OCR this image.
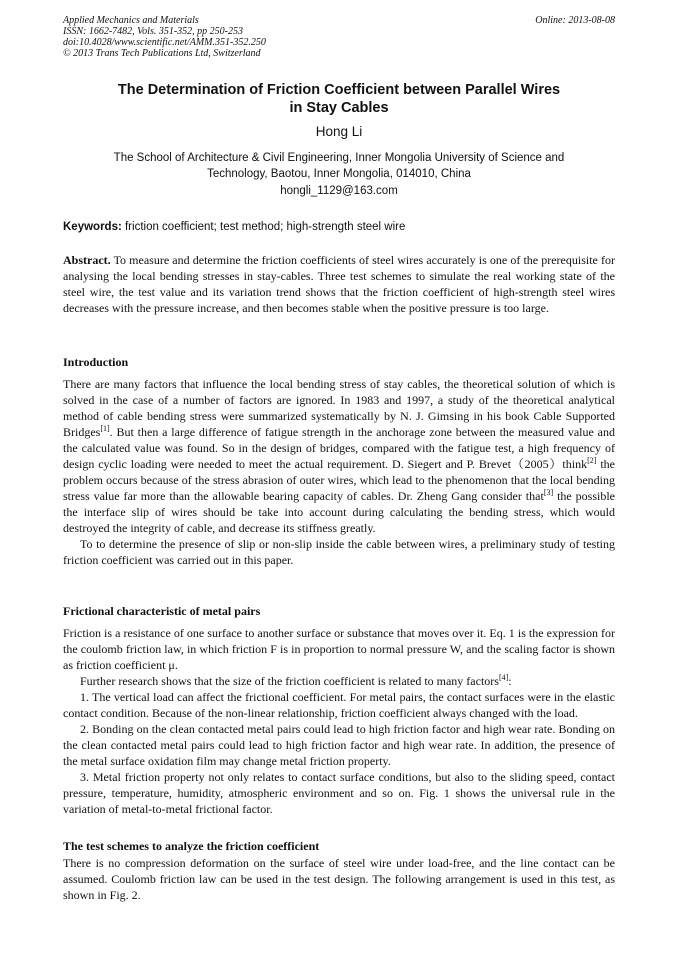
Applied Mechanics and Materials
ISSN: 1662-7482, Vols. 351-352, pp 250-253
doi:10.4028/www.scientific.net/AMM.351-352.250
© 2013 Trans Tech Publications Ltd, Switzerland
Online: 2013-08-08
The Determination of Friction Coefficient between Parallel Wires
in Stay Cables
Hong Li
The School of Architecture & Civil Engineering, Inner Mongolia University of Science and
Technology, Baotou, Inner Mongolia, 014010, China
hongli_1129@163.com
Keywords: friction coefficient; test method; high-strength steel wire

Abstract. To measure and determine the friction coefficients of steel wires accurately is one of the prerequisite for analysing the local bending stresses in stay-cables. Three test schemes to simulate the real working state of the steel wire, the test value and its variation trend shows that the friction coefficient of high-strength steel wires decreases with the pressure increase, and then becomes stable when the positive pressure is too large.

Introduction

There are many factors that influence the local bending stress of stay cables, the theoretical solution of which is solved in the case of a number of factors are ignored. In 1983 and 1997, a study of the theoretical analytical method of cable bending stress were summarized systematically by N. J. Gimsing in his book Cable Supported Bridges[1]. But then a large difference of fatigue strength in the anchorage zone between the measured value and the calculated value was found. So in the design of bridges, compared with the fatigue test, a high frequency of design cyclic loading were needed to meet the actual requirement. D. Siegert and P. Brevet（2005）think[2] the problem occurs because of the stress abrasion of outer wires, which lead to the phenomenon that the local bending stress value far more than the allowable bearing capacity of cables. Dr. Zheng Gang consider that[3] the possible the interface slip of wires should be take into account during calculating the bending stress, which would destroyed the integrity of cable, and decrease its stiffness greatly.

To to determine the presence of slip or non-slip inside the cable between wires, a preliminary study of testing friction coefficient was carried out in this paper.

Frictional characteristic of metal pairs

Friction is a resistance of one surface to another surface or substance that moves over it. Eq. 1 is the expression for the coulomb friction law, in which friction F is in proportion to normal pressure W, and the scaling factor is shown as friction coefficient μ.

Further research shows that the size of the friction coefficient is related to many factors[4]:

1. The vertical load can affect the frictional coefficient. For metal pairs, the contact surfaces were in the elastic contact condition. Because of the non-linear relationship, friction coefficient always changed with the load.

2. Bonding on the clean contacted metal pairs could lead to high friction factor and high wear rate. Bonding on the clean contacted metal pairs could lead to high friction factor and high wear rate. In addition, the presence of the metal surface oxidation film may change metal friction property.

3. Metal friction property not only relates to contact surface conditions, but also to the sliding speed, contact pressure, temperature, humidity, atmospheric environment and so on. Fig. 1 shows the universal rule in the variation of metal-to-metal frictional factor.

The test schemes to analyze the friction coefficient

There is no compression deformation on the surface of steel wire under load-free, and the line contact can be assumed. Coulomb friction law can be used in the test design. The following arrangement is used in this test, as shown in Fig. 2.
